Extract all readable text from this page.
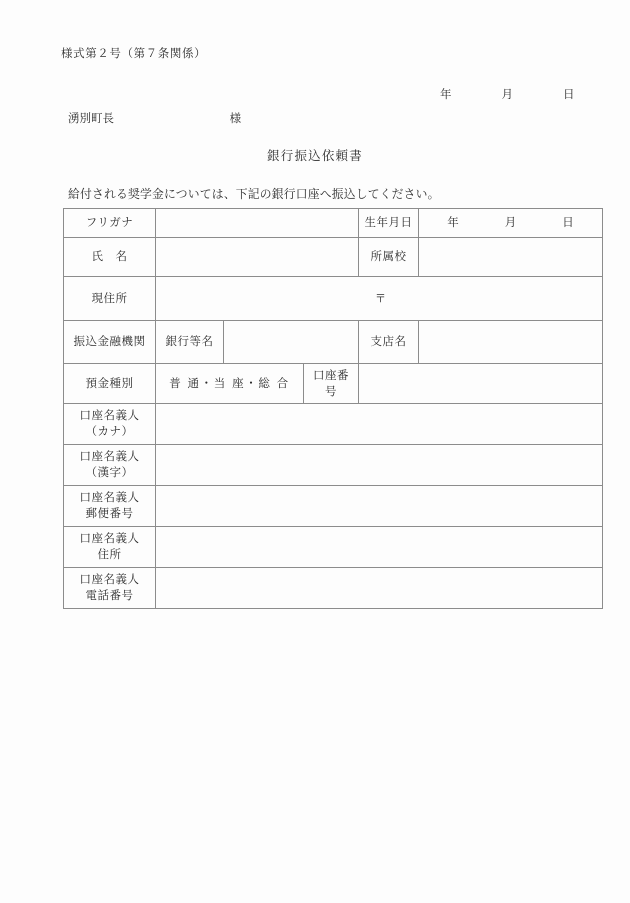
様式第２号（第７条関係）
年	月	日
湧別町長	様
銀行振込依頼書
給付される奨学金については、下記の銀行口座へ振込してください。
フリガナ				生年月日	年 月 日
氏　名				所属校	
現住所	〒				
振込金融機関	銀行等名			支店名	
預金種別	普 通・当 座・総 合		口座番号		

口座名義人
（カナ）					

口座名義人
（漢字）					

口座名義人
郵便番号					

口座名義人
住所					

口座名義人
電話番号					
